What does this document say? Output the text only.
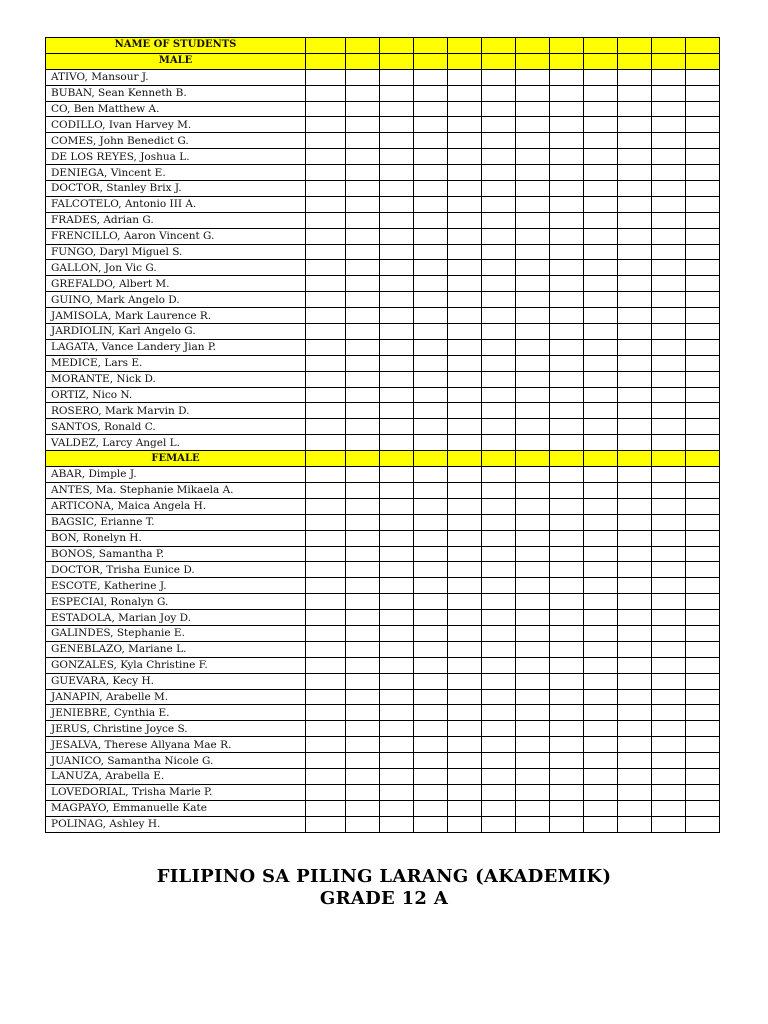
NAME OF STUDENTS												
MALE												
ATIVO, Mansour J.												
BUBAN, Sean Kenneth B.												
CO, Ben Matthew A.												
CODILLO, Ivan Harvey M.												
COMES, John Benedict G.												
DE LOS REYES, Joshua L.												
DENIEGA, Vincent E.												
DOCTOR, Stanley Brix J.												
FALCOTELO, Antonio III A.												
FRADES, Adrian G.												
FRENCILLO, Aaron Vincent G.												
FUNGO, Daryl Miguel S.												
GALLON, Jon Vic G.												
GREFALDO, Albert M.												
GUINO, Mark Angelo D.												
JAMISOLA, Mark Laurence R.												
JARDIOLIN, Karl Angelo G.												
LAGATA, Vance Landery Jian P.												
MEDICE, Lars E.												
MORANTE, Nick D.												
ORTIZ, Nico N.												
ROSERO, Mark Marvin D.												
SANTOS, Ronald C.												
VALDEZ, Larcy Angel L.												
FEMALE												
ABAR, Dimple J.												
ANTES, Ma. Stephanie Mikaela A.												
ARTICONA, Maica Angela H.												
BAGSIC, Erianne T.												
BON, Ronelyn H.												
BONOS, Samantha P.												
DOCTOR, Trisha Eunice D.												
ESCOTE, Katherine J.												
ESPECIAl, Ronalyn G.												
ESTADOLA, Marian Joy D.												
GALINDES, Stephanie E.												
GENEBLAZO, Mariane L.												
GONZALES, Kyla Christine F.												
GUEVARA, Kecy H.												
JANAPIN, Arabelle M.												
JENIEBRE, Cynthia E.												
JERUS, Christine Joyce S.												
JESALVA, Therese Allyana Mae R.												
JUANICO, Samantha Nicole G.												
LANUZA, Arabella E.												
LOVEDORIAL, Trisha Marie P.												
MAGPAYO, Emmanuelle Kate												
POLINAG, Ashley H.												
FILIPINO SA PILING LARANG (AKADEMIK)
GRADE 12 A
